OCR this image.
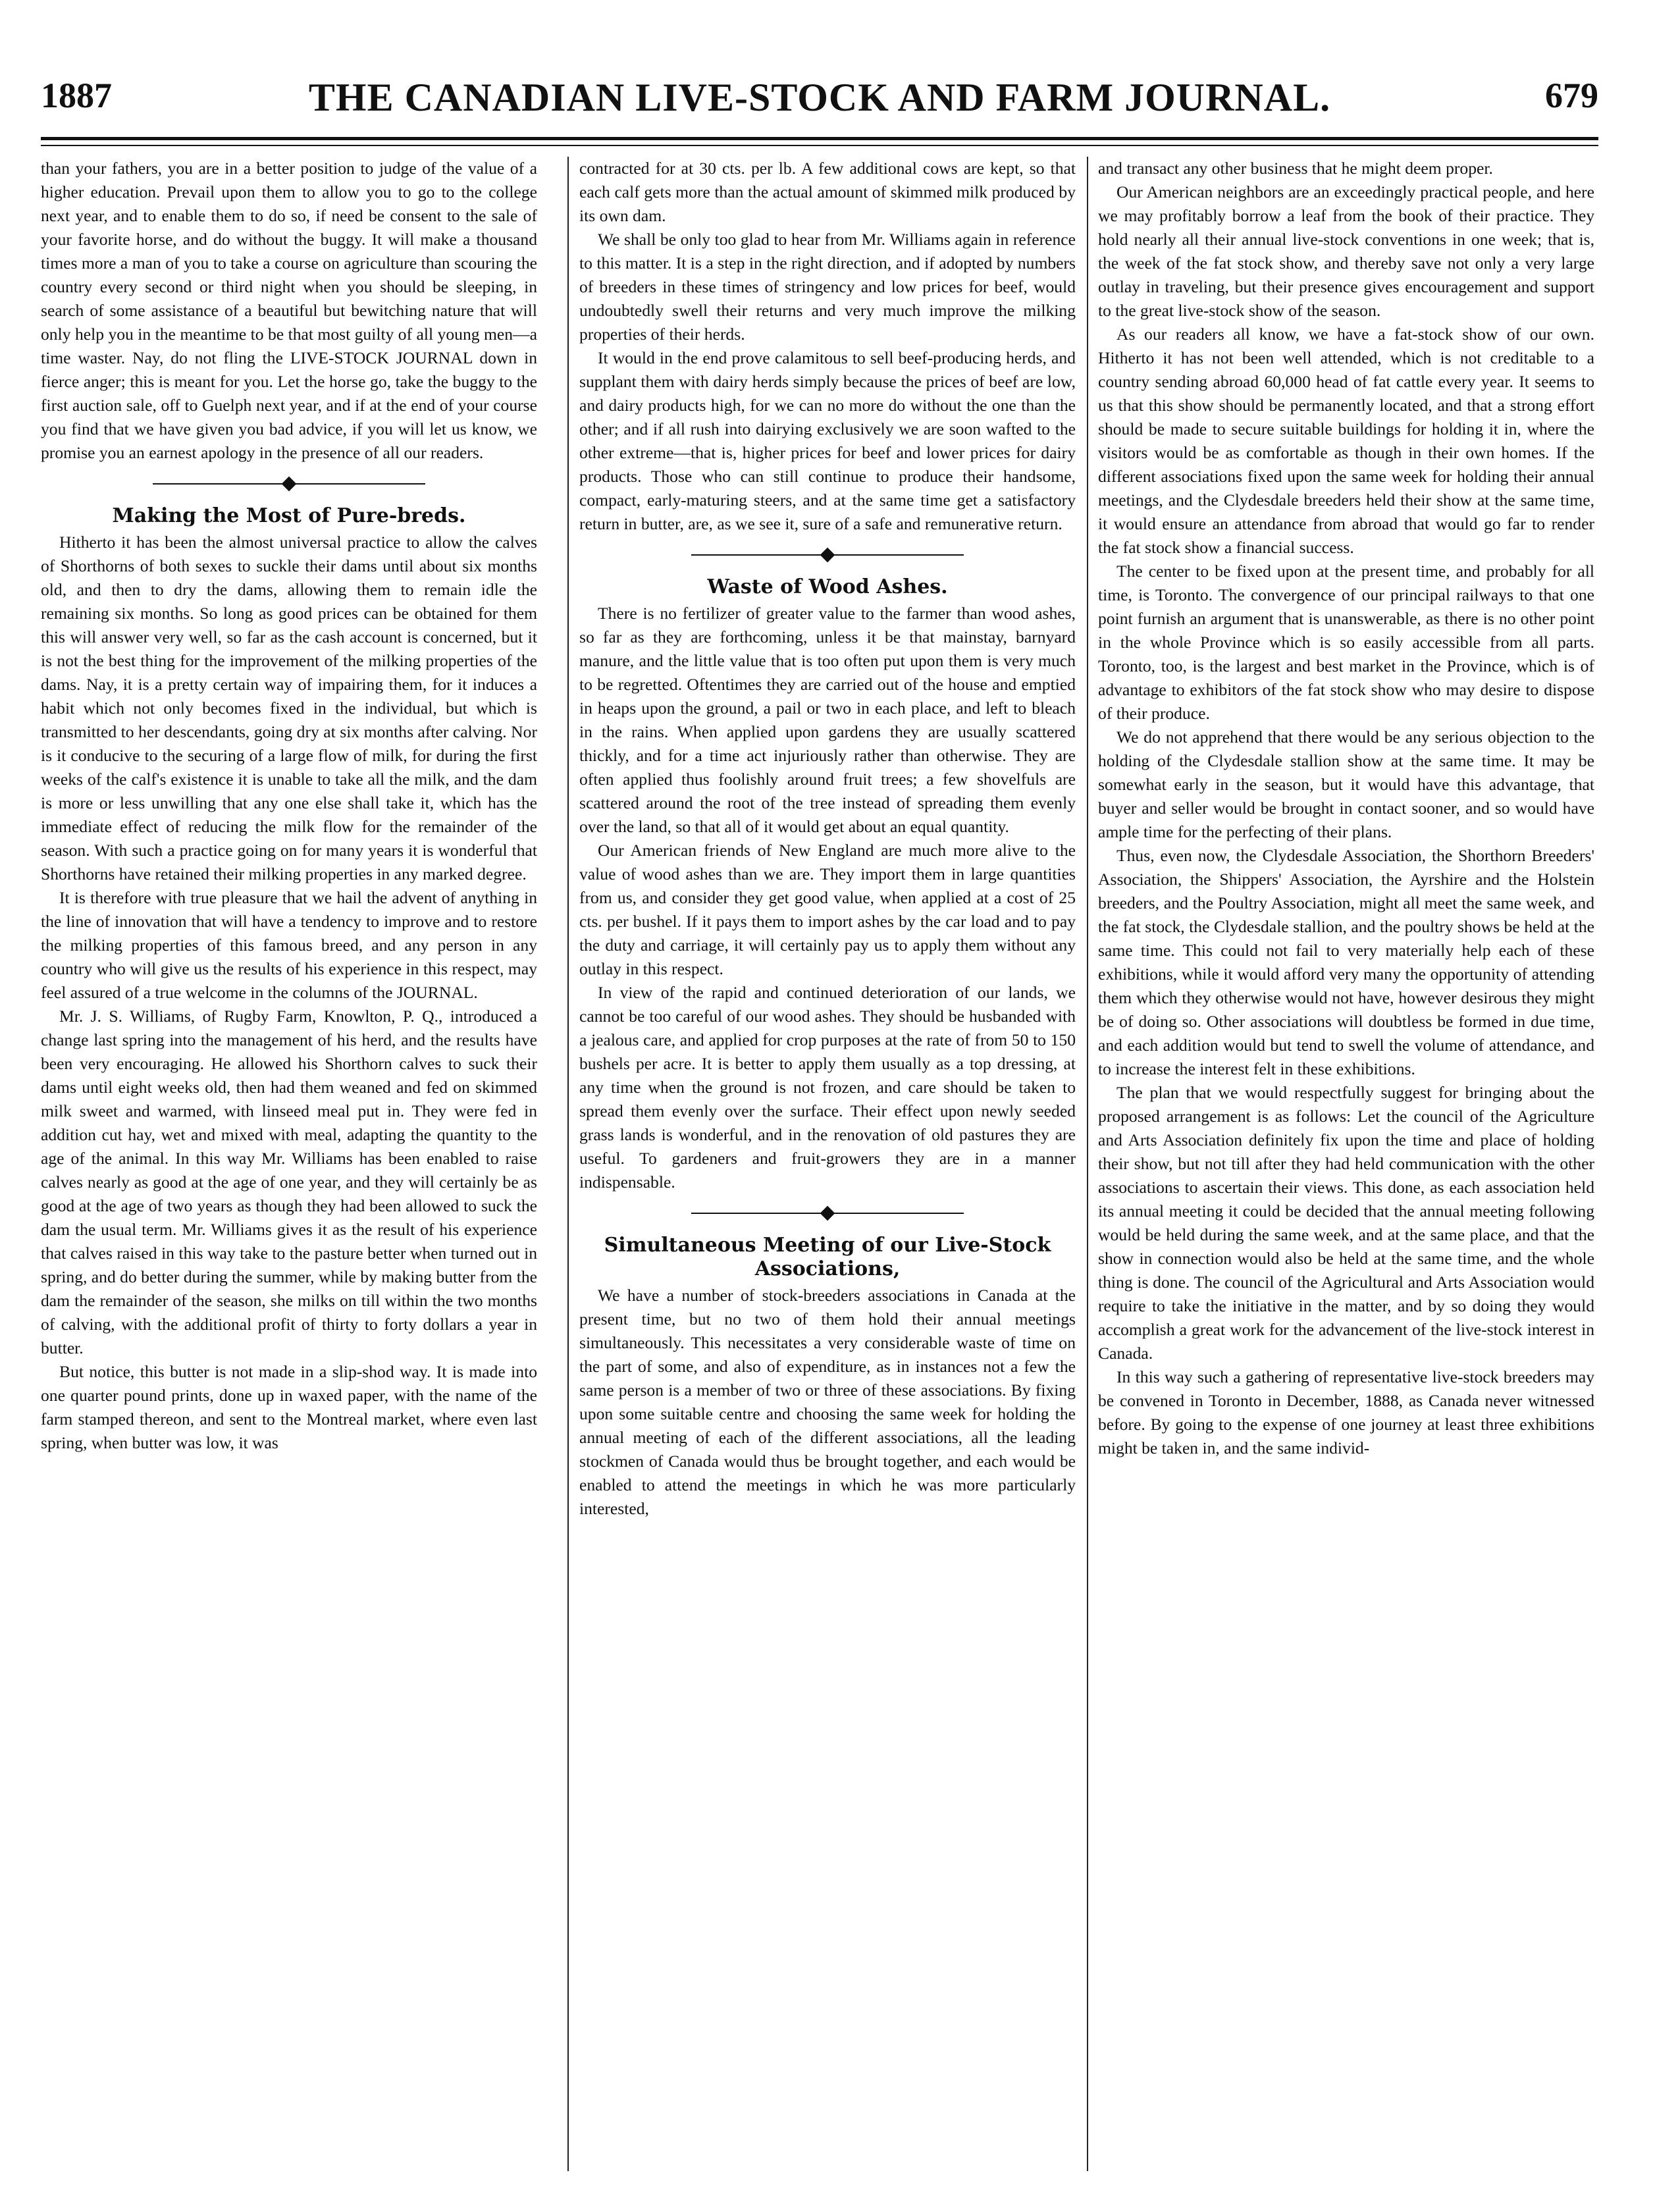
1887	THE CANADIAN LIVE-STOCK AND FARM JOURNAL.	679

than your fathers, you are in a better position to judge of the value of a higher education. Prevail upon them to allow you to go to the college next year, and to enable them to do so, if need be consent to the sale of your favorite horse, and do without the buggy. It will make a thousand times more a man of you to take a course on agriculture than scouring the country every second or third night when you should be sleeping, in search of some assistance of a beautiful but bewitching nature that will only help you in the meantime to be that most guilty of all young men—a time waster. Nay, do not fling the LIVE-STOCK JOURNAL down in fierce anger; this is meant for you. Let the horse go, take the buggy to the first auction sale, off to Guelph next year, and if at the end of your course you find that we have given you bad advice, if you will let us know, we promise you an earnest apology in the presence of all our readers.

Making the Most of Pure-breds.

Hitherto it has been the almost universal practice to allow the calves of Shorthorns of both sexes to suckle their dams until about six months old, and then to dry the dams, allowing them to remain idle the remaining six months. So long as good prices can be obtained for them this will answer very well, so far as the cash account is concerned, but it is not the best thing for the improvement of the milking properties of the dams. Nay, it is a pretty certain way of impairing them, for it induces a habit which not only becomes fixed in the individual, but which is transmitted to her descendants, going dry at six months after calving. Nor is it conducive to the securing of a large flow of milk, for during the first weeks of the calf's existence it is unable to take all the milk, and the dam is more or less unwilling that any one else shall take it, which has the immediate effect of reducing the milk flow for the remainder of the season. With such a practice going on for many years it is wonderful that Shorthorns have retained their milking properties in any marked degree.

It is therefore with true pleasure that we hail the advent of anything in the line of innovation that will have a tendency to improve and to restore the milking properties of this famous breed, and any person in any country who will give us the results of his experience in this respect, may feel assured of a true welcome in the columns of the JOURNAL.

Mr. J. S. Williams, of Rugby Farm, Knowlton, P. Q., introduced a change last spring into the management of his herd, and the results have been very encouraging. He allowed his Shorthorn calves to suck their dams until eight weeks old, then had them weaned and fed on skimmed milk sweet and warmed, with linseed meal put in. They were fed in addition cut hay, wet and mixed with meal, adapting the quantity to the age of the animal. In this way Mr. Williams has been enabled to raise calves nearly as good at the age of one year, and they will certainly be as good at the age of two years as though they had been allowed to suck the dam the usual term. Mr. Williams gives it as the result of his experience that calves raised in this way take to the pasture better when turned out in spring, and do better during the summer, while by making butter from the dam the remainder of the season, she milks on till within the two months of calving, with the additional profit of thirty to forty dollars a year in butter.

But notice, this butter is not made in a slip-shod way. It is made into one quarter pound prints, done up in waxed paper, with the name of the farm stamped thereon, and sent to the Montreal market, where even last spring, when butter was low, it was

contracted for at 30 cts. per lb. A few additional cows are kept, so that each calf gets more than the actual amount of skimmed milk produced by its own dam.

We shall be only too glad to hear from Mr. Williams again in reference to this matter. It is a step in the right direction, and if adopted by numbers of breeders in these times of stringency and low prices for beef, would undoubtedly swell their returns and very much improve the milking properties of their herds.

It would in the end prove calamitous to sell beef-producing herds, and supplant them with dairy herds simply because the prices of beef are low, and dairy products high, for we can no more do without the one than the other; and if all rush into dairying exclusively we are soon wafted to the other extreme—that is, higher prices for beef and lower prices for dairy products. Those who can still continue to produce their handsome, compact, early-maturing steers, and at the same time get a satisfactory return in butter, are, as we see it, sure of a safe and remunerative return.

Waste of Wood Ashes.

There is no fertilizer of greater value to the farmer than wood ashes, so far as they are forthcoming, unless it be that mainstay, barnyard manure, and the little value that is too often put upon them is very much to be regretted. Oftentimes they are carried out of the house and emptied in heaps upon the ground, a pail or two in each place, and left to bleach in the rains. When applied upon gardens they are usually scattered thickly, and for a time act injuriously rather than otherwise. They are often applied thus foolishly around fruit trees; a few shovelfuls are scattered around the root of the tree instead of spreading them evenly over the land, so that all of it would get about an equal quantity.

Our American friends of New England are much more alive to the value of wood ashes than we are. They import them in large quantities from us, and consider they get good value, when applied at a cost of 25 cts. per bushel. If it pays them to import ashes by the car load and to pay the duty and carriage, it will certainly pay us to apply them without any outlay in this respect.

In view of the rapid and continued deterioration of our lands, we cannot be too careful of our wood ashes. They should be husbanded with a jealous care, and applied for crop purposes at the rate of from 50 to 150 bushels per acre. It is better to apply them usually as a top dressing, at any time when the ground is not frozen, and care should be taken to spread them evenly over the surface. Their effect upon newly seeded grass lands is wonderful, and in the renovation of old pastures they are useful. To gardeners and fruit-growers they are in a manner indispensable.

Simultaneous Meeting of our Live-Stock Associations,

We have a number of stock-breeders associations in Canada at the present time, but no two of them hold their annual meetings simultaneously. This necessitates a very considerable waste of time on the part of some, and also of expenditure, as in instances not a few the same person is a member of two or three of these associations. By fixing upon some suitable centre and choosing the same week for holding the annual meeting of each of the different associations, all the leading stockmen of Canada would thus be brought together, and each would be enabled to attend the meetings in which he was more particularly interested,

and transact any other business that he might deem proper.

Our American neighbors are an exceedingly practical people, and here we may profitably borrow a leaf from the book of their practice. They hold nearly all their annual live-stock conventions in one week; that is, the week of the fat stock show, and thereby save not only a very large outlay in traveling, but their presence gives encouragement and support to the great live-stock show of the season.

As our readers all know, we have a fat-stock show of our own. Hitherto it has not been well attended, which is not creditable to a country sending abroad 60,000 head of fat cattle every year. It seems to us that this show should be permanently located, and that a strong effort should be made to secure suitable buildings for holding it in, where the visitors would be as comfortable as though in their own homes. If the different associations fixed upon the same week for holding their annual meetings, and the Clydesdale breeders held their show at the same time, it would ensure an attendance from abroad that would go far to render the fat stock show a financial success.

The center to be fixed upon at the present time, and probably for all time, is Toronto. The convergence of our principal railways to that one point furnish an argument that is unanswerable, as there is no other point in the whole Province which is so easily accessible from all parts. Toronto, too, is the largest and best market in the Province, which is of advantage to exhibitors of the fat stock show who may desire to dispose of their produce.

We do not apprehend that there would be any serious objection to the holding of the Clydesdale stallion show at the same time. It may be somewhat early in the season, but it would have this advantage, that buyer and seller would be brought in contact sooner, and so would have ample time for the perfecting of their plans.

Thus, even now, the Clydesdale Association, the Shorthorn Breeders' Association, the Shippers' Association, the Ayrshire and the Holstein breeders, and the Poultry Association, might all meet the same week, and the fat stock, the Clydesdale stallion, and the poultry shows be held at the same time. This could not fail to very materially help each of these exhibitions, while it would afford very many the opportunity of attending them which they otherwise would not have, however desirous they might be of doing so. Other associations will doubtless be formed in due time, and each addition would but tend to swell the volume of attendance, and to increase the interest felt in these exhibitions.

The plan that we would respectfully suggest for bringing about the proposed arrangement is as follows: Let the council of the Agriculture and Arts Association definitely fix upon the time and place of holding their show, but not till after they had held communication with the other associations to ascertain their views. This done, as each association held its annual meeting it could be decided that the annual meeting following would be held during the same week, and at the same place, and that the show in connection would also be held at the same time, and the whole thing is done. The council of the Agricultural and Arts Association would require to take the initiative in the matter, and by so doing they would accomplish a great work for the advancement of the live-stock interest in Canada.

In this way such a gathering of representative live-stock breeders may be convened in Toronto in December, 1888, as Canada never witnessed before. By going to the expense of one journey at least three exhibitions might be taken in, and the same individ-
